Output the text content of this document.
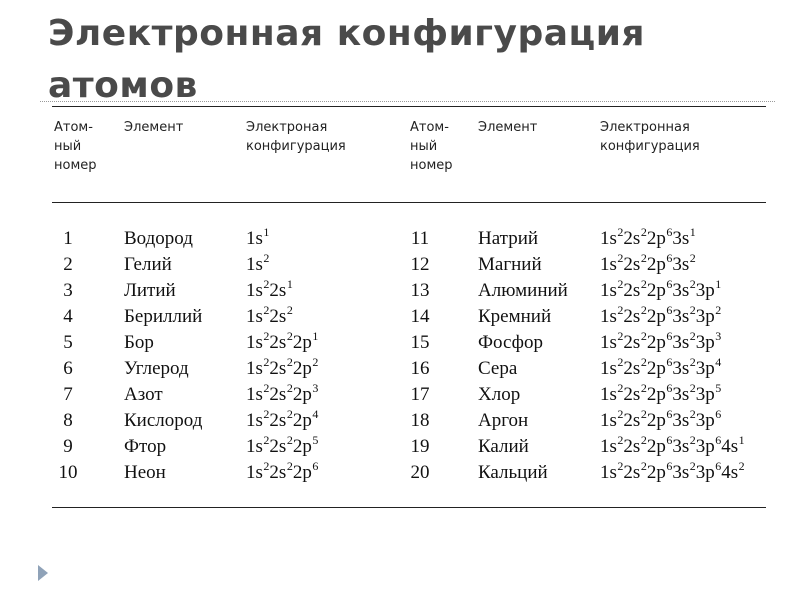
Электронная конфигурация
атомов
Атом-
ный
номер
Элемент	Электроная
конфигурация
Атом-
ный
номер
Элемент	Электронная
конфигурация
1	Водород	$1s^1$	11	Натрий	$1s^22s^22p^63s^1$
2	Гелий	$1s^2$	12	Магний	$1s^22s^22p^63s^2$
3	Литий	$1s^22s^1$	13	Алюминий $1s^22s^22p^63s^23p^1$
4	Бериллий $1s^22s^2$	14	Кремний	$1s^22s^22p^63s^23p^2$
5	Бор	$1s^22s^22p^1$	15	Фосфор	$1s^22s^22p^63s^23p^3$
6	Углерод	$1s^22s^22p^2$	16	Сера	$1s^22s^22p^63s^23p^4$
7	Азот	$1s^22s^22p^3$	17	Хлор	$1s^22s^22p^63s^23p^5$
8	Кислород $1s^22s^22p^4$	18	Аргон	$1s^22s^22p^63s^23p^6$
9	Фтор	$1s^22s^22p^5$	19	Калий	$1s^22s^22p^63s^23p^64s^1$
10	Неон	$1s^22s^22p^6$	20	Кальций	$1s^22s^22p^63s^23p^64s^2$
